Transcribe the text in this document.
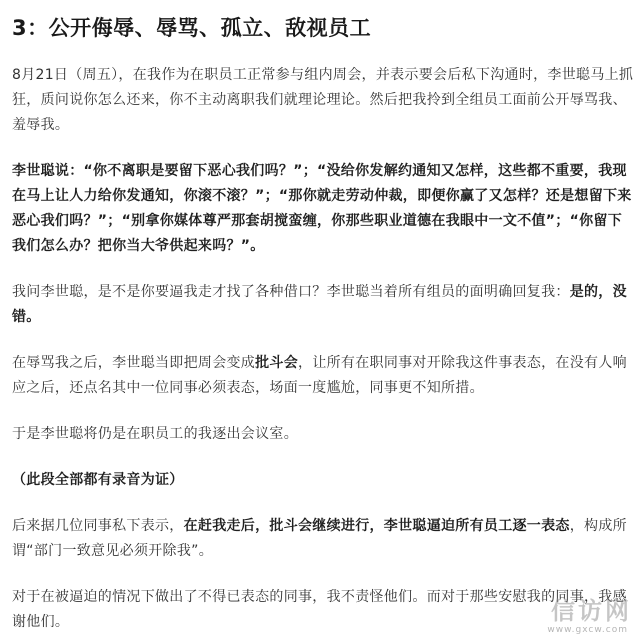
3：公开侮辱、辱骂、孤立、敌视员工

8月21日（周五），在我作为在职员工正常参与组内周会，并表示要会后私下沟通时，李世聪马上抓狂，质问说你怎么还来，你不主动离职我们就理论理论。然后把我拎到全组员工面前公开辱骂我、羞辱我。

李世聪说：“你不离职是要留下恶心我们吗？”；“没给你发解约通知又怎样，这些都不重要，我现在马上让人力给你发通知，你滚不滚？”；“那你就走劳动仲裁，即便你赢了又怎样？还是想留下来恶心我们吗？”；“别拿你媒体尊严那套胡搅蛮缠，你那些职业道德在我眼中一文不值”；“你留下我们怎么办？把你当大爷供起来吗？”。

我问李世聪，是不是你要逼我走才找了各种借口？李世聪当着所有组员的面明确回复我：是的，没错。

在辱骂我之后，李世聪当即把周会变成批斗会，让所有在职同事对开除我这件事表态，在没有人响应之后，还点名其中一位同事必须表态，场面一度尴尬，同事更不知所措。

于是李世聪将仍是在职员工的我逐出会议室。

（此段全部都有录音为证）

后来据几位同事私下表示，在赶我走后，批斗会继续进行，李世聪逼迫所有员工逐一表态，构成所谓“部门一致意见必须开除我”。

对于在被逼迫的情况下做出了不得已表态的同事，我不责怪他们。而对于那些安慰我的同事，我感谢他们。	信访网
www.gxcw.com
